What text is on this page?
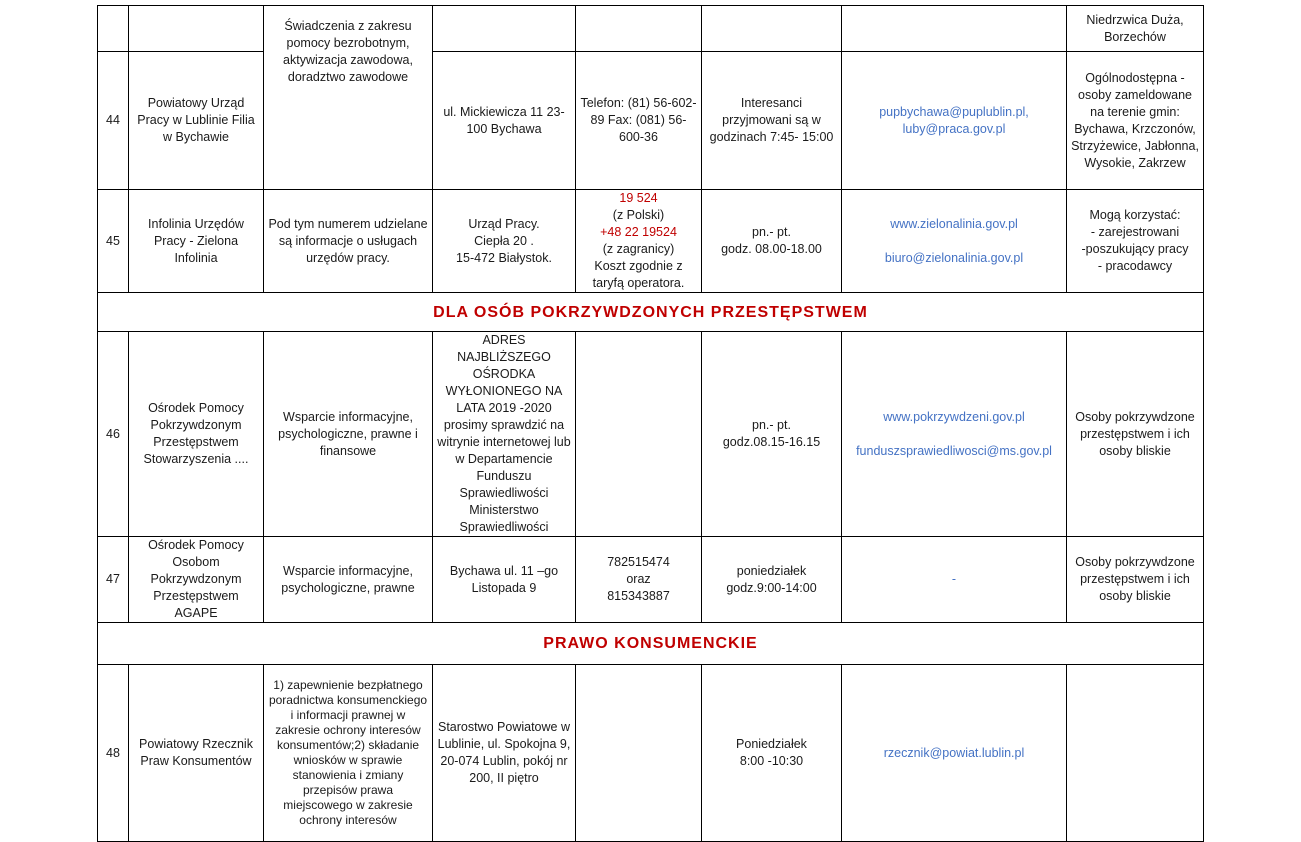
		Świadczenia z zakresu pomocy bezrobotnym, aktywizacja zawodowa, doradztwo zawodowe					Niedrzwica Duża, Borzechów
44	Powiatowy Urząd Pracy w Lublinie Filia w Bychawie		ul. Mickiewicza 11 23-100 Bychawa	Telefon: (81) 56-602-89 Fax: (081) 56-600-36	Interesanci przyjmowani są w godzinach 7:45- 15:00	pupbychawa@puplublin.pl, luby@praca.gov.pl	Ogólnodostępna - osoby zameldowane na terenie gmin: Bychawa, Krzczonów, Strzyżewice, Jabłonna, Wysokie, Zakrzew
45	Infolinia Urzędów Pracy - Zielona Infolinia	Pod tym numerem udzielane są informacje o usługach urzędów pracy.	Urząd Pracy.
Ciepła 20 .
15-472 Białystok.	19 524
(z Polski)
+48 22 19524
(z zagranicy)
Koszt zgodnie z taryfą operatora.	pn.- pt.
godz. 08.00-18.00	www.zielonalinia.gov.pl
biuro@zielonalinia.gov.pl	Mogą korzystać:
- zarejestrowani
-poszukujący pracy
- pracodawcy

DLA OSÓB POKRZYWDZONYCH PRZESTĘPSTWEM							
46	Ośrodek Pomocy Pokrzywdzonym Przestępstwem Stowarzyszenia ....	Wsparcie informacyjne, psychologiczne, prawne i finansowe	ADRES NAJBLIŻSZEGO OŚRODKA WYŁONIONEGO NA LATA 2019 -2020 prosimy sprawdzić na witrynie internetowej lub w Departamencie Funduszu Sprawiedliwości Ministerstwo Sprawiedliwości		pn.- pt.
godz.08.15-16.15	www.pokrzywdzeni.gov.pl
funduszsprawiedliwosci@ms.gov.pl	Osoby pokrzywdzone przestępstwem i ich osoby bliskie
47	Ośrodek Pomocy Osobom Pokrzywdzonym Przestępstwem AGAPE	Wsparcie informacyjne, psychologiczne, prawne	Bychawa ul. 11 –go Listopada 9	782515474
oraz
815343887	poniedziałek
godz.9:00-14:00	-	Osoby pokrzywdzone przestępstwem i ich osoby bliskie
PRAWO KONSUMENCKIE							
48	Powiatowy Rzecznik Praw Konsumentów	1) zapewnienie bezpłatnego poradnictwa konsumenckiego i informacji prawnej w zakresie ochrony interesów konsumentów;2) składanie wniosków w sprawie stanowienia i zmiany przepisów prawa miejscowego w zakresie ochrony interesów	Starostwo Powiatowe w Lublinie, ul. Spokojna 9, 20-074 Lublin, pokój nr 200, II piętro		Poniedziałek
8:00 -10:30	rzecznik@powiat.lublin.pl	
